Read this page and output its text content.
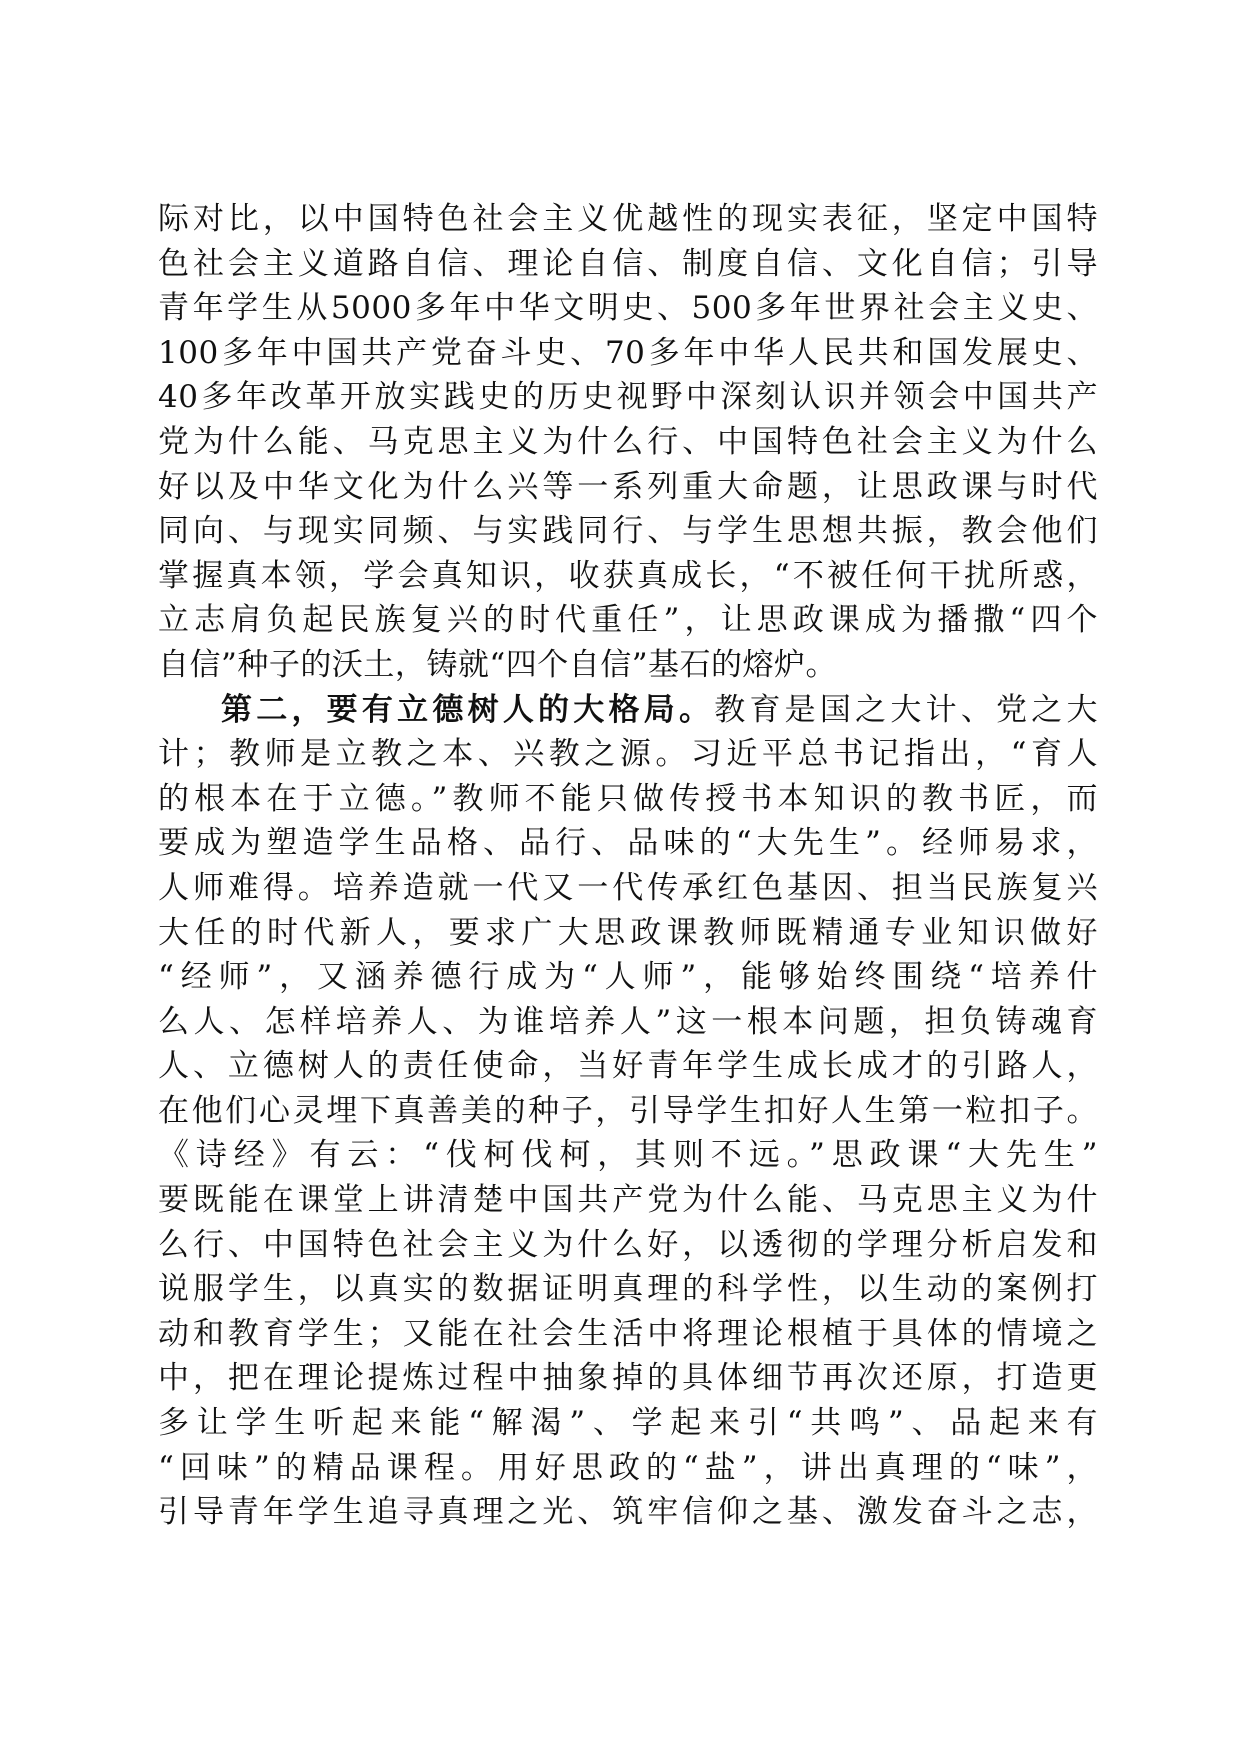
际对比，以中国特色社会主义优越性的现实表征，坚定中国特
色社会主义道路自信、理论自信、制度自信、文化自信；引导
青年学生从5000多年中华文明史、500多年世界社会主义史、
100多年中国共产党奋斗史、70多年中华人民共和国发展史、
40多年改革开放实践史的历史视野中深刻认识并领会中国共产
党为什么能、马克思主义为什么行、中国特色社会主义为什么
好以及中华文化为什么兴等一系列重大命题，让思政课与时代
同向、与现实同频、与实践同行、与学生思想共振，教会他们
掌握真本领，学会真知识，收获真成长，“不被任何干扰所惑，
立志肩负起民族复兴的时代重任”，让思政课成为播撒“四个
自信”种子的沃土，铸就“四个自信”基石的熔炉。
第二，要有立德树人的大格局。教育是国之大计、党之大
计；教师是立教之本、兴教之源。习近平总书记指出，“育人
的根本在于立德。”教师不能只做传授书本知识的教书匠，而
要成为塑造学生品格、品行、品味的“大先生”。经师易求，
人师难得。培养造就一代又一代传承红色基因、担当民族复兴
大任的时代新人，要求广大思政课教师既精通专业知识做好
“经师”，又涵养德行成为“人师”，能够始终围绕“培养什
么人、怎样培养人、为谁培养人”这一根本问题，担负铸魂育
人、立德树人的责任使命，当好青年学生成长成才的引路人，
在他们心灵埋下真善美的种子，引导学生扣好人生第一粒扣子。
《诗经》有云：“伐柯伐柯，其则不远。”思政课“大先生”
要既能在课堂上讲清楚中国共产党为什么能、马克思主义为什
么行、中国特色社会主义为什么好，以透彻的学理分析启发和
说服学生，以真实的数据证明真理的科学性，以生动的案例打
动和教育学生；又能在社会生活中将理论根植于具体的情境之
中，把在理论提炼过程中抽象掉的具体细节再次还原，打造更
多让学生听起来能“解渴”、学起来引“共鸣”、品起来有
“回味”的精品课程。用好思政的“盐”，讲出真理的“味”，
引导青年学生追寻真理之光、筑牢信仰之基、激发奋斗之志，
